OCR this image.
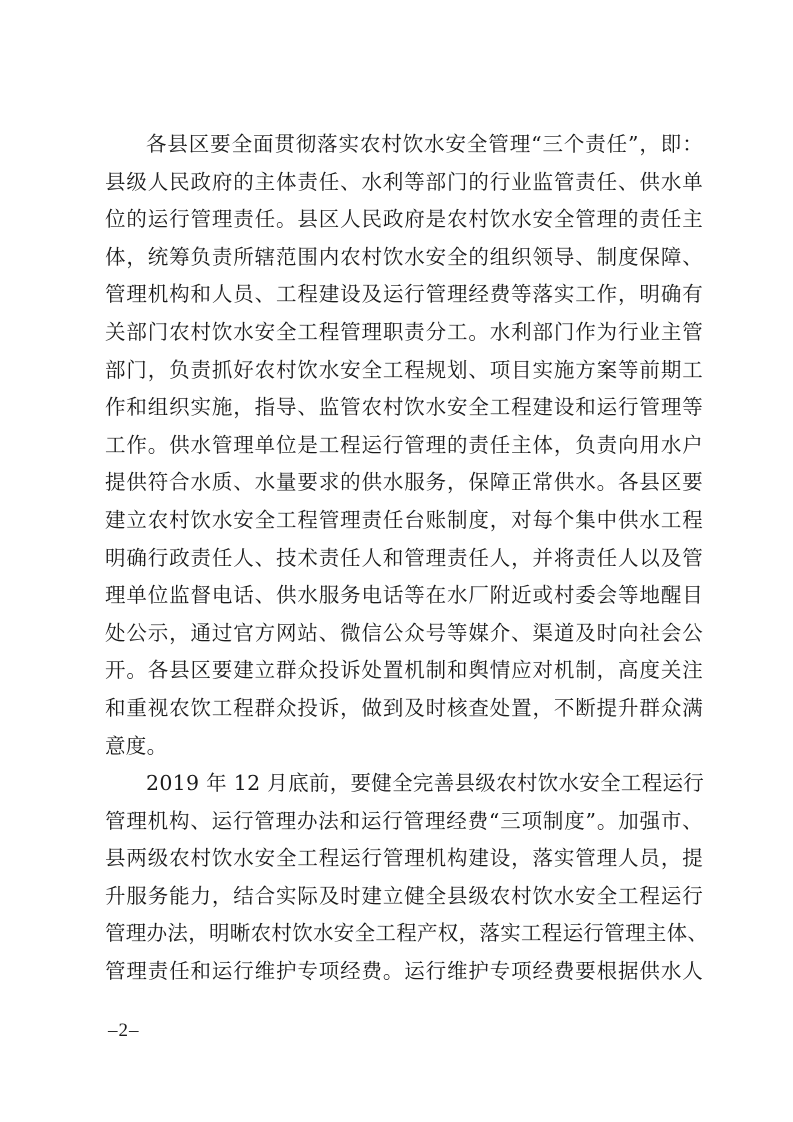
各县区要全面贯彻落实农村饮水安全管理“三个责任”，即：
县级人民政府的主体责任、水利等部门的行业监管责任、供水单
位的运行管理责任。县区人民政府是农村饮水安全管理的责任主
体，统筹负责所辖范围内农村饮水安全的组织领导、制度保障、
管理机构和人员、工程建设及运行管理经费等落实工作，明确有
关部门农村饮水安全工程管理职责分工。水利部门作为行业主管
部门，负责抓好农村饮水安全工程规划、项目实施方案等前期工
作和组织实施，指导、监管农村饮水安全工程建设和运行管理等
工作。供水管理单位是工程运行管理的责任主体，负责向用水户
提供符合水质、水量要求的供水服务，保障正常供水。各县区要
建立农村饮水安全工程管理责任台账制度，对每个集中供水工程
明确行政责任人、技术责任人和管理责任人，并将责任人以及管
理单位监督电话、供水服务电话等在水厂附近或村委会等地醒目
处公示，通过官方网站、微信公众号等媒介、渠道及时向社会公
开。各县区要建立群众投诉处置机制和舆情应对机制，高度关注
和重视农饮工程群众投诉，做到及时核查处置，不断提升群众满
意度。
2019 年 12 月底前，要健全完善县级农村饮水安全工程运行
管理机构、运行管理办法和运行管理经费“三项制度”。加强市、
县两级农村饮水安全工程运行管理机构建设，落实管理人员，提
升服务能力，结合实际及时建立健全县级农村饮水安全工程运行
管理办法，明晰农村饮水安全工程产权，落实工程运行管理主体、
管理责任和运行维护专项经费。运行维护专项经费要根据供水人
–2–
